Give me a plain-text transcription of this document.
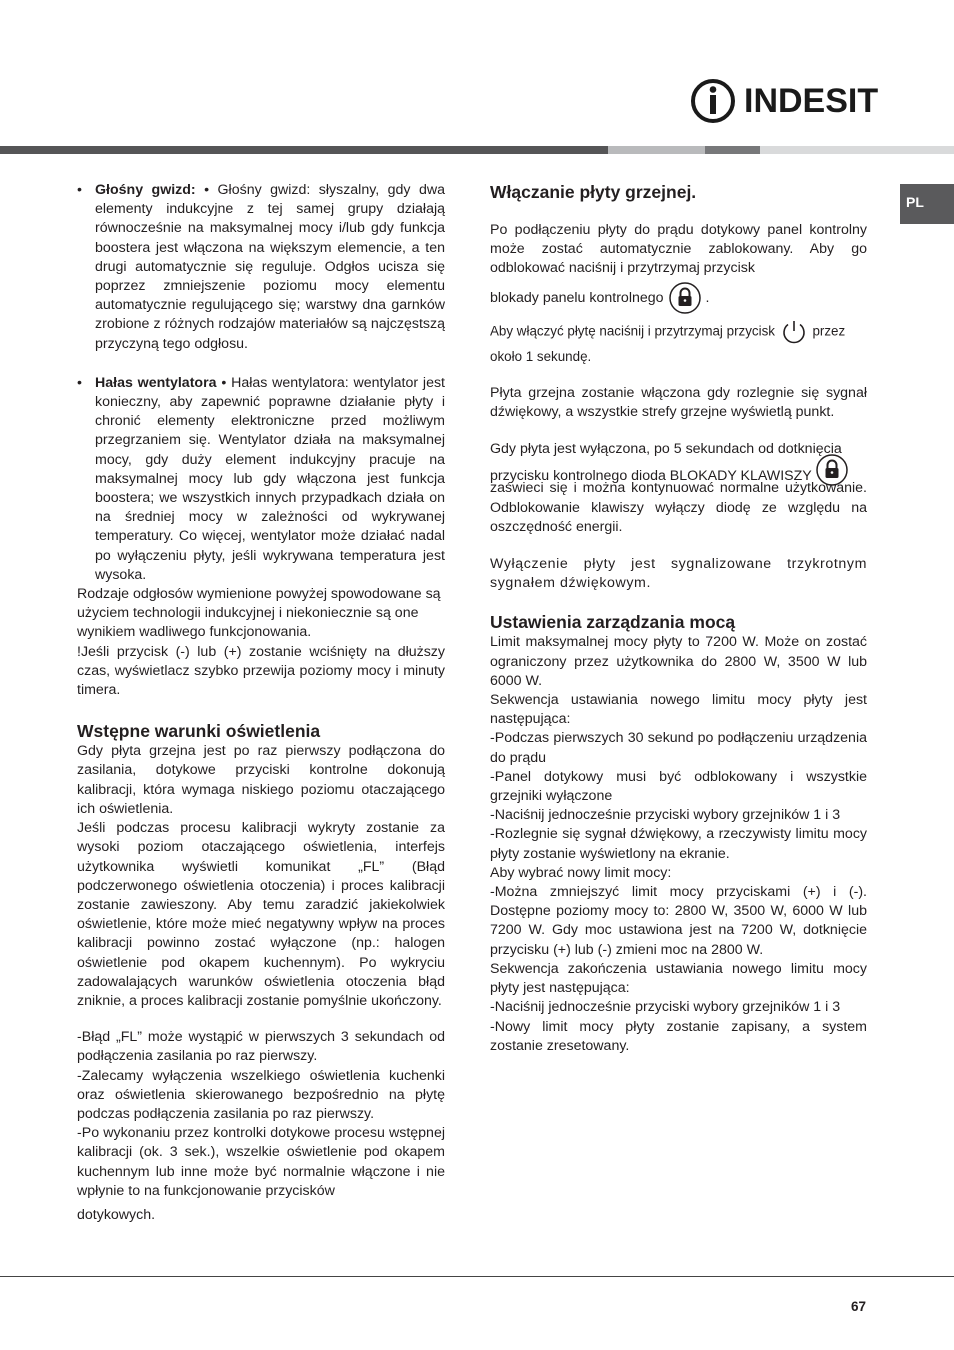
INDESIT
PL

• Głośny gwizd: • Głośny gwizd: słyszalny, gdy dwa elementy indukcyjne z tej samej grupy działają równocześnie na maksymalnej mocy i/lub gdy funkcja boostera jest włączona na większym elemencie, a ten drugi automatycznie się reguluje. Odgłos ucisza się poprzez zmniejszenie poziomu mocy elementu automatycznie regulującego się; warstwy dna garnków zrobione z różnych rodzajów materiałów są najczęstszą przyczyną tego odgłosu.

• Hałas wentylatora • Hałas wentylatora: wentylator jest konieczny, aby zapewnić poprawne działanie płyty i chronić elementy elektroniczne przed możliwym przegrzaniem się. Wentylator działa na maksymalnej mocy, gdy duży element indukcyjny pracuje na maksymalnej mocy lub gdy włączona jest funkcja boostera; we wszystkich innych przypadkach działa on na średniej mocy w zależności od wykrywanej temperatury. Co więcej, wentylator może działać nadal po wyłączeniu płyty, jeśli wykrywana temperatura jest wysoka.

Rodzaje odgłosów wymienione powyżej spowodowane są użyciem technologii indukcyjnej i niekoniecznie są one wynikiem wadliwego funkcjonowania.

!Jeśli przycisk (-) lub (+) zostanie wciśnięty na dłuższy czas, wyświetlacz szybko przewija poziomy mocy i minuty timera.

Wstępne warunki oświetlenia

Gdy płyta grzejna jest po raz pierwszy podłączona do zasilania, dotykowe przyciski kontrolne dokonują kalibracji, która wymaga niskiego poziomu otaczającego ich oświetlenia.

Jeśli podczas procesu kalibracji wykryty zostanie za wysoki poziom otaczającego oświetlenia, interfejs użytkownika wyświetli komunikat „FL” (Błąd podczerwonego oświetlenia otoczenia) i proces kalibracji zostanie zawieszony. Aby temu zaradzić jakiekolwiek oświetlenie, które może mieć negatywny wpływ na proces kalibracji powinno zostać wyłączone (np.: halogen oświetlenie pod okapem kuchennym). Po wykryciu zadowalających warunków oświetlenia otoczenia błąd zniknie, a proces kalibracji zostanie pomyślnie ukończony.

-Błąd „FL” może wystąpić w pierwszych 3 sekundach od podłączenia zasilania po raz pierwszy.

-Zalecamy wyłączenia wszelkiego oświetlenia kuchenki oraz oświetlenia skierowanego bezpośrednio na płytę podczas podłączenia zasilania po raz pierwszy.

-Po wykonaniu przez kontrolki dotykowe procesu wstępnej kalibracji (ok. 3 sek.), wszelkie oświetlenie pod okapem kuchennym lub inne może być normalnie włączone i nie wpłynie to na funkcjonowanie przycisków

dotykowych.

Włączanie płyty grzejnej.

Po podłączeniu płyty do prądu dotykowy panel kontrolny może zostać automatycznie zablokowany. Aby go odblokować naciśnij i przytrzymaj przycisk

blokady panelu kontrolnego	.

Aby włączyć płytę naciśnij i przytrzymaj przycisk	przez około 1 sekundę.

Płyta grzejna zostanie włączona gdy rozlegnie się sygnał dźwiękowy, a wszystkie strefy grzejne wyświetlą punkt.

Gdy płyta jest wyłączona, po 5 sekundach od dotknięcia

przycisku kontrolnego dioda BLOKADY KLAWISZY

zaświeci się i można kontynuować normalne użytkowanie. Odblokowanie klawiszy wyłączy diodę ze względu na oszczędność energii.

Wyłączenie płyty jest sygnalizowane trzykrotnym sygnałem dźwiękowym.

Ustawienia zarządzania mocą

Limit maksymalnej mocy płyty to 7200 W. Może on zostać ograniczony przez użytkownika do 2800 W, 3500 W lub 6000 W.

Sekwencja ustawiania nowego limitu mocy płyty jest następująca:

-Podczas pierwszych 30 sekund po podłączeniu urządzenia do prądu

-Panel dotykowy musi być odblokowany i wszystkie grzejniki wyłączone

-Naciśnij jednocześnie przyciski wybory grzejników 1 i 3

-Rozlegnie się sygnał dźwiękowy, a rzeczywisty limitu mocy płyty zostanie wyświetlony na ekranie.

Aby wybrać nowy limit mocy:

-Można zmniejszyć limit mocy przyciskami (+) i (-). Dostępne poziomy mocy to: 2800 W, 3500 W, 6000 W lub 7200 W. Gdy moc ustawiona jest na 7200 W, dotknięcie przycisku (+) lub (-) zmieni moc na 2800 W.

Sekwencja zakończenia ustawiania nowego limitu mocy płyty jest następująca:

-Naciśnij jednocześnie przyciski wybory grzejników 1 i 3

-Nowy limit mocy płyty zostanie zapisany, a system zostanie zresetowany.

67
